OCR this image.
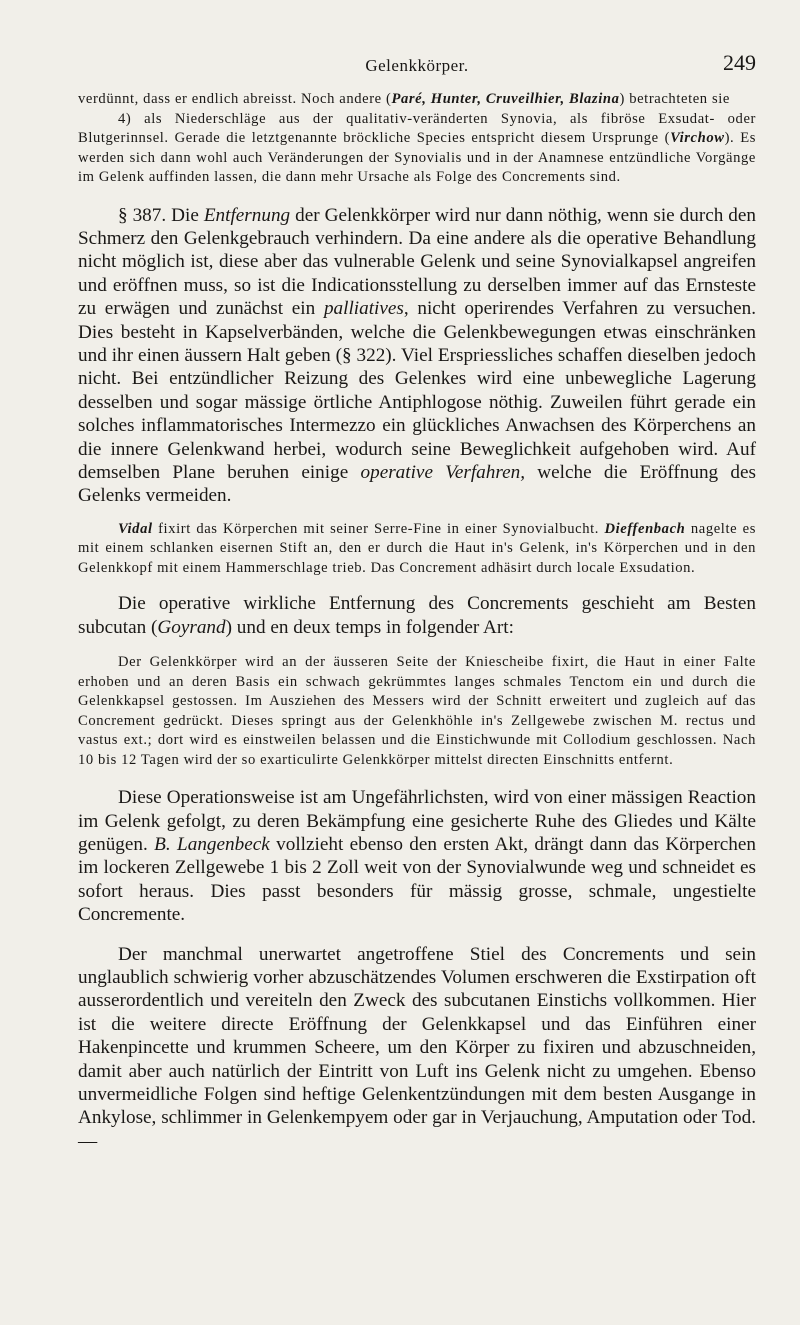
Gelenkkörper.	249

verdünnt, dass er endlich abreisst. Noch andere (Paré, Hunter, Cruveilhier, Blazina) betrachteten sie

4) als Niederschläge aus der qualitativ-veränderten Synovia, als fibröse Exsudat- oder Blutgerinnsel. Gerade die letztgenannte bröckliche Species entspricht diesem Ursprunge (Virchow). Es werden sich dann wohl auch Veränderungen der Synovialis und in der Anamnese entzündliche Vorgänge im Gelenk auffinden lassen, die dann mehr Ursache als Folge des Concrements sind.

§ 387. Die Entfernung der Gelenkkörper wird nur dann nöthig, wenn sie durch den Schmerz den Gelenkgebrauch verhindern. Da eine andere als die operative Behandlung nicht möglich ist, diese aber das vulnerable Gelenk und seine Synovialkapsel angreifen und eröffnen muss, so ist die Indicationsstellung zu derselben immer auf das Ernsteste zu erwägen und zunächst ein palliatives, nicht operirendes Verfahren zu versuchen. Dies besteht in Kapselverbänden, welche die Gelenkbewegungen etwas einschränken und ihr einen äussern Halt geben (§ 322). Viel Erspriessliches schaffen dieselben jedoch nicht. Bei entzündlicher Reizung des Gelenkes wird eine unbewegliche Lagerung desselben und sogar mässige örtliche Antiphlogose nöthig. Zuweilen führt gerade ein solches inflammatorisches Intermezzo ein glückliches Anwachsen des Körperchens an die innere Gelenkwand herbei, wodurch seine Beweglichkeit aufgehoben wird. Auf demselben Plane beruhen einige operative Verfahren, welche die Eröffnung des Gelenks vermeiden.

Vidal fixirt das Körperchen mit seiner Serre-Fine in einer Synovialbucht. Dieffenbach nagelte es mit einem schlanken eisernen Stift an, den er durch die Haut in's Gelenk, in's Körperchen und in den Gelenkkopf mit einem Hammerschlage trieb. Das Concrement adhäsirt durch locale Exsudation.

Die operative wirkliche Entfernung des Concrements geschieht am Besten subcutan (Goyrand) und en deux temps in folgender Art:

Der Gelenkkörper wird an der äusseren Seite der Kniescheibe fixirt, die Haut in einer Falte erhoben und an deren Basis ein schwach gekrümmtes langes schmales Tenctom ein und durch die Gelenkkapsel gestossen. Im Ausziehen des Messers wird der Schnitt erweitert und zugleich auf das Concrement gedrückt. Dieses springt aus der Gelenkhöhle in's Zellgewebe zwischen M. rectus und vastus ext.; dort wird es einstweilen belassen und die Einstichwunde mit Collodium geschlossen. Nach 10 bis 12 Tagen wird der so exarticulirte Gelenkkörper mittelst directen Einschnitts entfernt.

Diese Operationsweise ist am Ungefährlichsten, wird von einer mässigen Reaction im Gelenk gefolgt, zu deren Bekämpfung eine gesicherte Ruhe des Gliedes und Kälte genügen. B. Langenbeck vollzieht ebenso den ersten Akt, drängt dann das Körperchen im lockeren Zellgewebe 1 bis 2 Zoll weit von der Synovialwunde weg und schneidet es sofort heraus. Dies passt besonders für mässig grosse, schmale, ungestielte Concremente.

Der manchmal unerwartet angetroffene Stiel des Concrements und sein unglaublich schwierig vorher abzuschätzendes Volumen erschweren die Exstirpation oft ausserordentlich und vereiteln den Zweck des subcutanen Einstichs vollkommen. Hier ist die weitere directe Eröffnung der Gelenkkapsel und das Einführen einer Hakenpincette und krummen Scheere, um den Körper zu fixiren und abzuschneiden, damit aber auch natürlich der Eintritt von Luft ins Gelenk nicht zu umgehen. Ebenso unvermeidliche Folgen sind heftige Gelenkentzündungen mit dem besten Ausgange in Ankylose, schlimmer in Gelenkempyem oder gar in Verjauchung, Amputation oder Tod. —
